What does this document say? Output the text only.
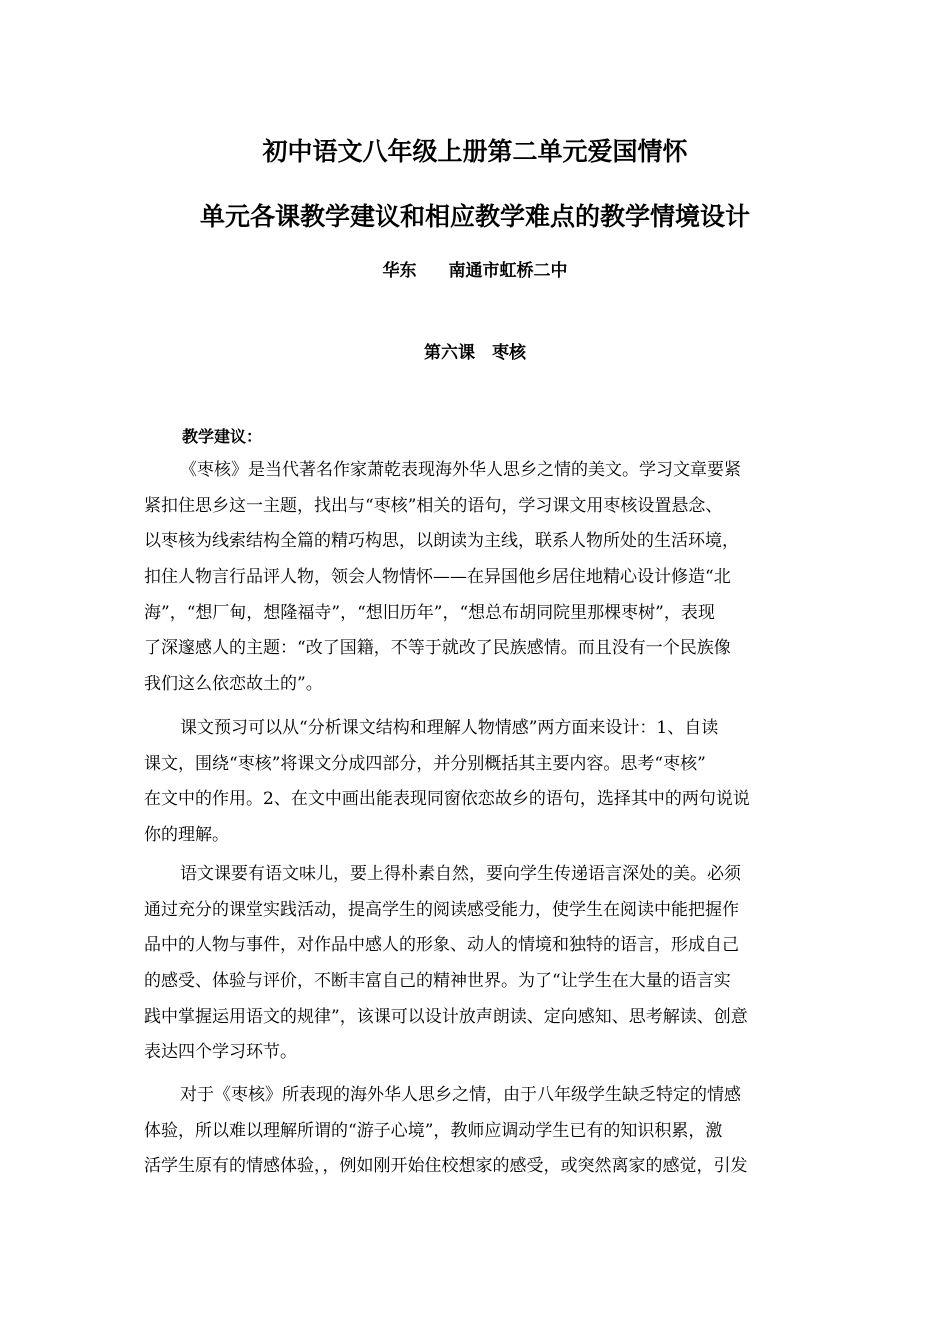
初中语文八年级上册第二单元爱国情怀
单元各课教学建议和相应教学难点的教学情境设计
华东 南通市虹桥二中
第六课　枣核
教学建议：
《枣核》是当代著名作家萧乾表现海外华人思乡之情的美文。学习文章要紧
紧扣住思乡这一主题，找出与“枣核”相关的语句，学习课文用枣核设置悬念、
以枣核为线索结构全篇的精巧构思，以朗读为主线，联系人物所处的生活环境，
扣住人物言行品评人物，领会人物情怀——在异国他乡居住地精心设计修造“北
海”，“想厂甸，想隆福寺”，“想旧历年”，“想总布胡同院里那棵枣树”，表现
了深邃感人的主题：“改了国籍，不等于就改了民族感情。而且没有一个民族像
我们这么依恋故土的”。
课文预习可以从“分析课文结构和理解人物情感”两方面来设计：1、自读
课文，围绕“枣核”将课文分成四部分，并分别概括其主要内容。思考“枣核”
在文中的作用。2、在文中画出能表现同窗依恋故乡的语句，选择其中的两句说说
你的理解。
语文课要有语文味儿，要上得朴素自然，要向学生传递语言深处的美。必须
通过充分的课堂实践活动，提高学生的阅读感受能力，使学生在阅读中能把握作
品中的人物与事件，对作品中感人的形象、动人的情境和独特的语言，形成自己
的感受、体验与评价，不断丰富自己的精神世界。为了“让学生在大量的语言实
践中掌握运用语文的规律”，该课可以设计放声朗读、定向感知、思考解读、创意
表达四个学习环节。
对于《枣核》所表现的海外华人思乡之情，由于八年级学生缺乏特定的情感
体验，所以难以理解所谓的“游子心境”，教师应调动学生已有的知识积累，激
活学生原有的情感体验，，例如刚开始住校想家的感受，或突然离家的感觉，引发
